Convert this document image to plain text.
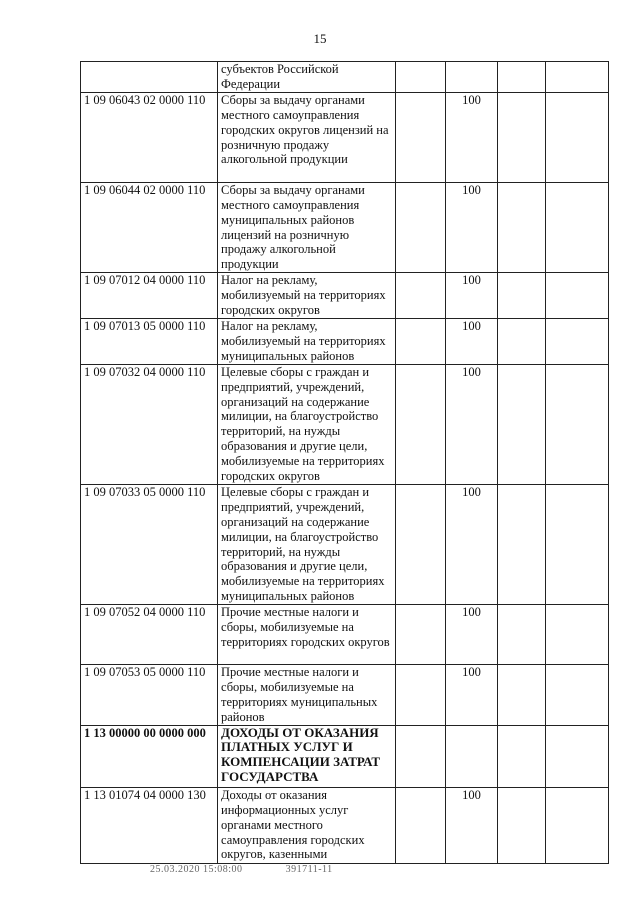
15
	субъектов Российской Федерации				
1 09 06043 02 0000 110	Сборы за выдачу органами местного самоуправления городских округов лицензий на розничную продажу алкогольной продукции		100		
1 09 06044 02 0000 110	Сборы за выдачу органами местного самоуправления муниципальных районов лицензий на розничную продажу алкогольной продукции		100		
1 09 07012 04 0000 110	Налог на рекламу, мобилизуемый на территориях городских округов		100		
1 09 07013 05 0000 110	Налог на рекламу, мобилизуемый на территориях муниципальных районов		100		
1 09 07032 04 0000 110	Целевые сборы с граждан и предприятий, учреждений, организаций на содержание милиции, на благоустройство территорий, на нужды образования и другие цели, мобилизуемые на территориях городских округов		100		
1 09 07033 05 0000 110	Целевые сборы с граждан и предприятий, учреждений, организаций на содержание милиции, на благоустройство территорий, на нужды образования и другие цели, мобилизуемые на территориях муниципальных районов		100		
1 09 07052 04 0000 110	Прочие местные налоги и сборы, мобилизуемые на территориях городских округов		100		
1 09 07053 05 0000 110	Прочие местные налоги и сборы, мобилизуемые на территориях муниципальных районов		100		
1 13 00000 00 0000 000	ДОХОДЫ ОТ ОКАЗАНИЯ ПЛАТНЫХ УСЛУГ И КОМПЕНСАЦИИ ЗАТРАТ ГОСУДАРСТВА				
1 13 01074 04 0000 130	Доходы от оказания информационных услуг органами местного самоуправления городских округов, казенными		100		
25.03.2020 15:08:00	391711-11
